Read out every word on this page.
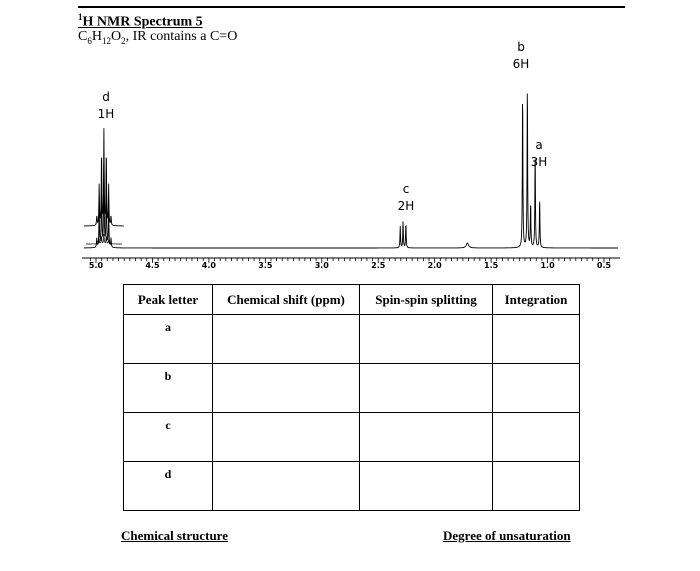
$^1$H NMR Spectrum 5
$C_6H_{12}O_2$, IR contains a C=O
5.0	4.5	4.0	3.5	3.0	2.5	2.0	1.5	1.0	0.5
d
1H
c
2H
b
6H
a
3H
Peak letter	Chemical shift (ppm)	Spin-spin splitting	Integration

a			

b			

c			

d			

Chemical structure	Degree of unsaturation
